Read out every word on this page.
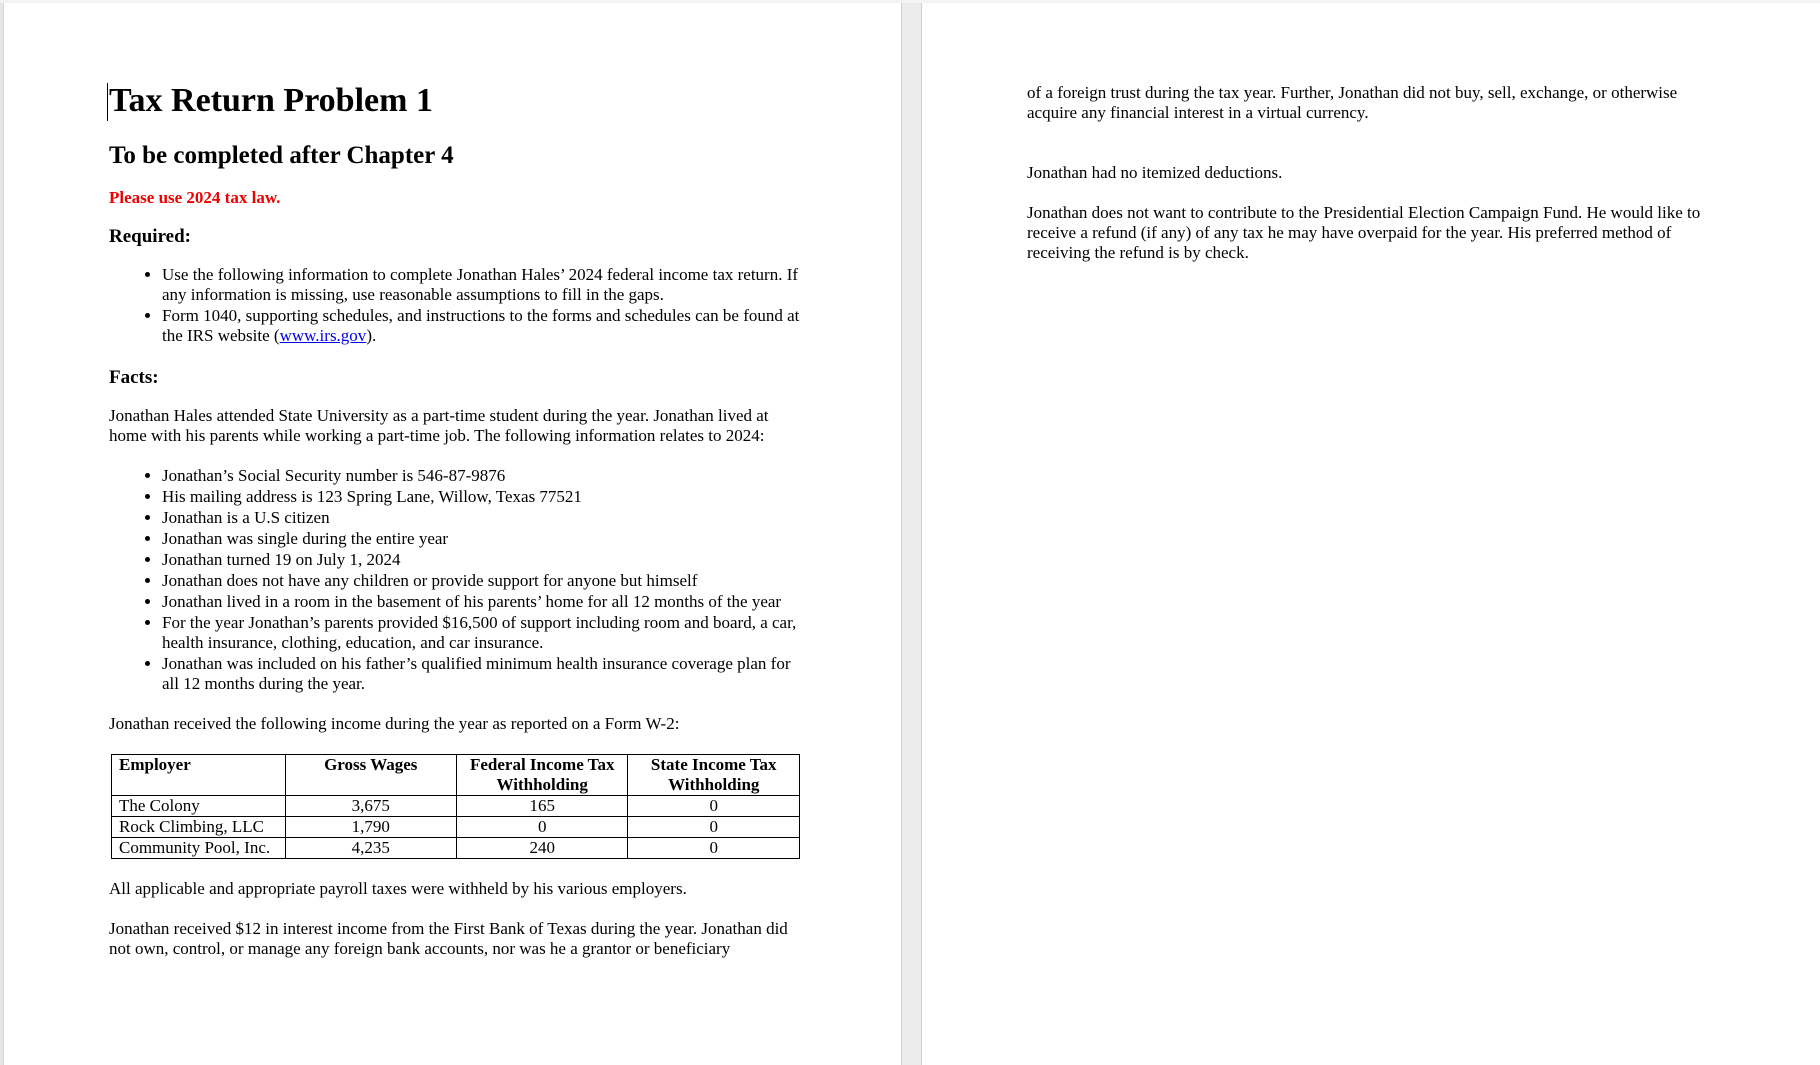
Tax Return Problem 1
To be completed after Chapter 4
Please use 2024 tax law.
Required:
• Use the following information to complete Jonathan Hales’ 2024 federal income tax return. If any information is missing, use reasonable assumptions to fill in the gaps.
• Form 1040, supporting schedules, and instructions to the forms and schedules can be found at the IRS website (www.irs.gov).
Facts:

Jonathan Hales attended State University as a part-time student during the year. Jonathan lived at home with his parents while working a part-time job. The following information relates to 2024:

• Jonathan’s Social Security number is 546-87-9876
• His mailing address is 123 Spring Lane, Willow, Texas 77521
• Jonathan is a U.S citizen
• Jonathan was single during the entire year
• Jonathan turned 19 on July 1, 2024
• Jonathan does not have any children or provide support for anyone but himself
• Jonathan lived in a room in the basement of his parents’ home for all 12 months of the year
• For the year Jonathan’s parents provided $16,500 of support including room and board, a car, health insurance, clothing, education, and car insurance.
• Jonathan was included on his father’s qualified minimum health insurance coverage plan for all 12 months during the year.

Jonathan received the following income during the year as reported on a Form W-2:

Employer	Gross Wages	Federal Income Tax Withholding	State Income Tax Withholding
The Colony	3,675	165	0
Rock Climbing, LLC	1,790	0	0
Community Pool, Inc.	4,235	240	0

All applicable and appropriate payroll taxes were withheld by his various employers.

Jonathan received $12 in interest income from the First Bank of Texas during the year. Jonathan did not own, control, or manage any foreign bank accounts, nor was he a grantor or beneficiary

of a foreign trust during the tax year. Further, Jonathan did not buy, sell, exchange, or otherwise acquire any financial interest in a virtual currency.

Jonathan had no itemized deductions.

Jonathan does not want to contribute to the Presidential Election Campaign Fund. He would like to receive a refund (if any) of any tax he may have overpaid for the year. His preferred method of receiving the refund is by check.
